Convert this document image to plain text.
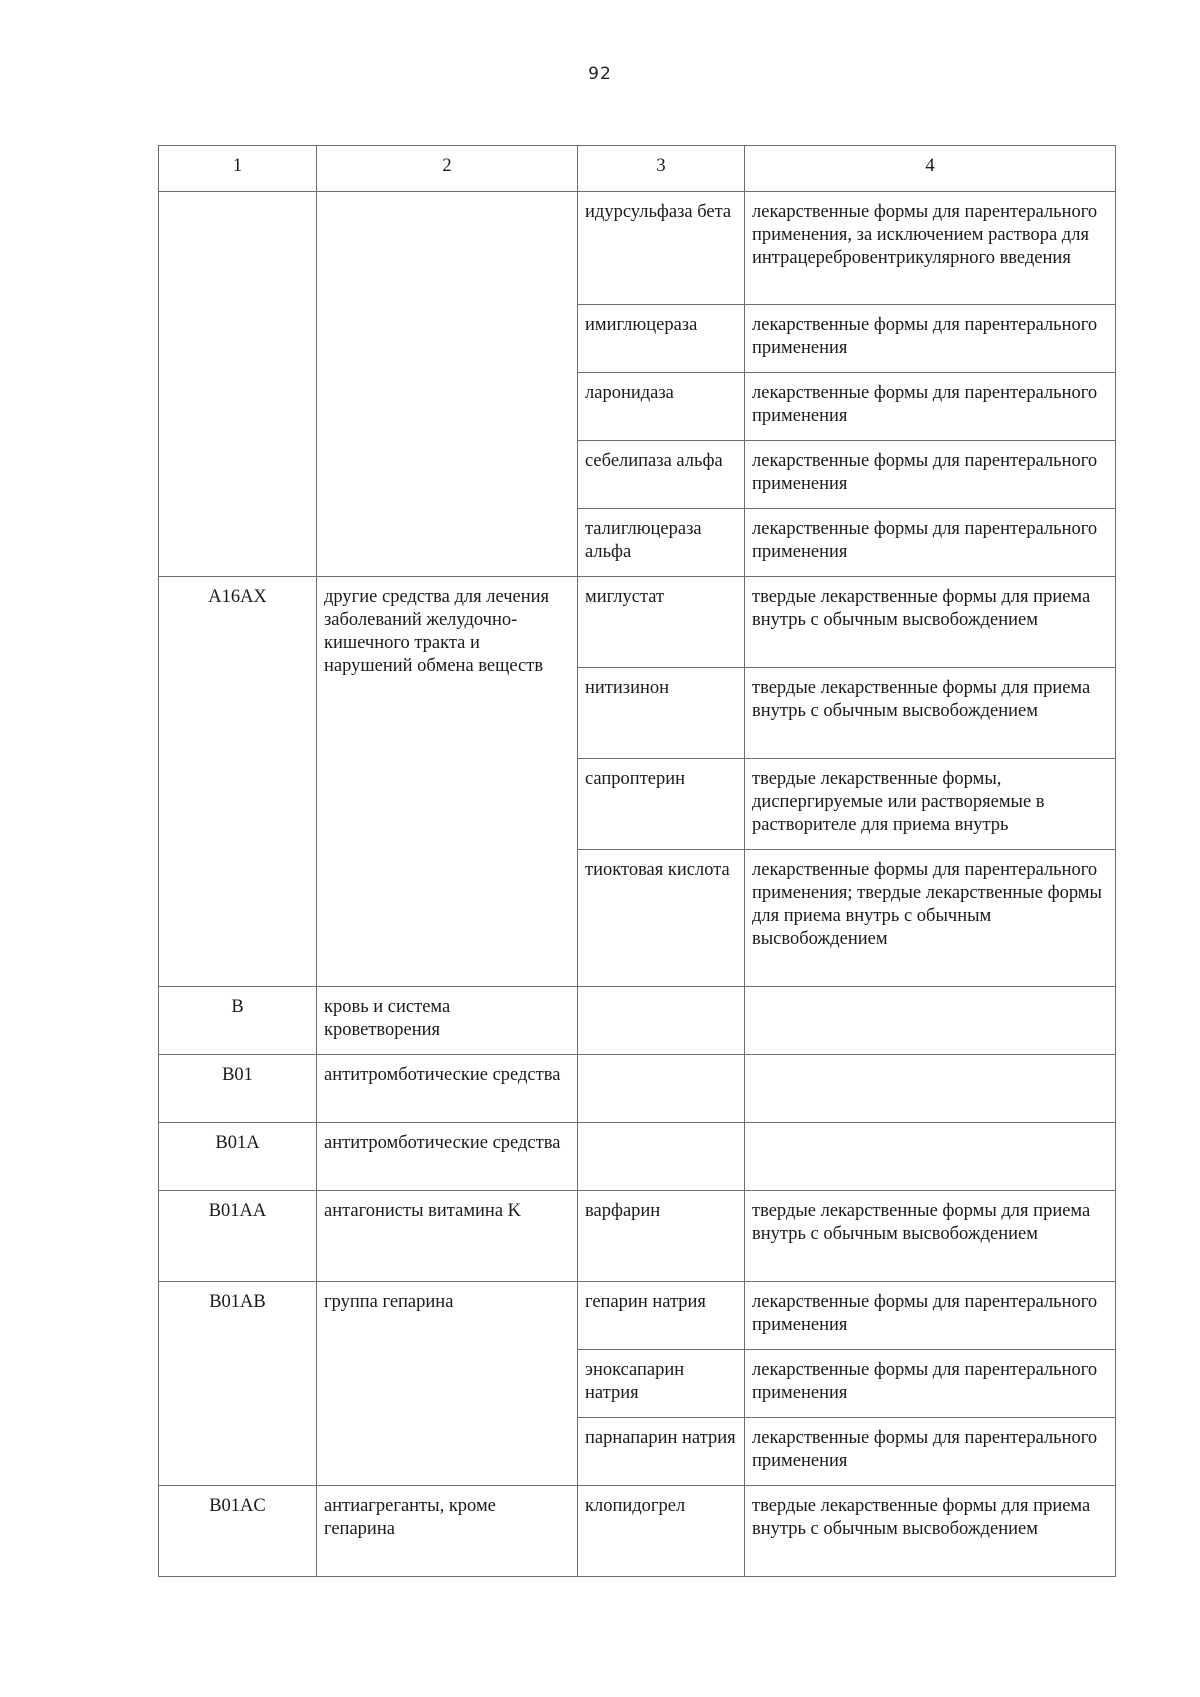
92
1	2	3	4
		идурсульфаза бета	лекарственные формы для парентерального применения, за исключением раствора для интрацеребровентрикулярного введения
		имиглюцераза	лекарственные формы для парентерального применения
		ларонидаза	лекарственные формы для парентерального применения
		себелипаза альфа	лекарственные формы для парентерального применения
		талиглюцераза альфа	лекарственные формы для парентерального применения
A16AX	другие средства для лечения заболеваний желудочно-кишечного тракта и нарушений обмена веществ	миглустат	твердые лекарственные формы для приема внутрь с обычным высвобождением
		нитизинон	твердые лекарственные формы для приема внутрь с обычным высвобождением
		сапроптерин	твердые лекарственные формы, диспергируемые или растворяемые в растворителе для приема внутрь
		тиоктовая кислота	лекарственные формы для парентерального применения; твердые лекарственные формы для приема внутрь с обычным высвобождением
B	кровь и система кроветворения		
B01	антитромботические средства		
B01A	антитромботические средства		
B01AA	антагонисты витамина K	варфарин	твердые лекарственные формы для приема внутрь с обычным высвобождением
B01AB	группа гепарина	гепарин натрия	лекарственные формы для парентерального применения
		эноксапарин натрия	лекарственные формы для парентерального применения
		парнапарин натрия	лекарственные формы для парентерального применения
B01AC	антиагреганты, кроме гепарина	клопидогрел	твердые лекарственные формы для приема внутрь с обычным высвобождением
